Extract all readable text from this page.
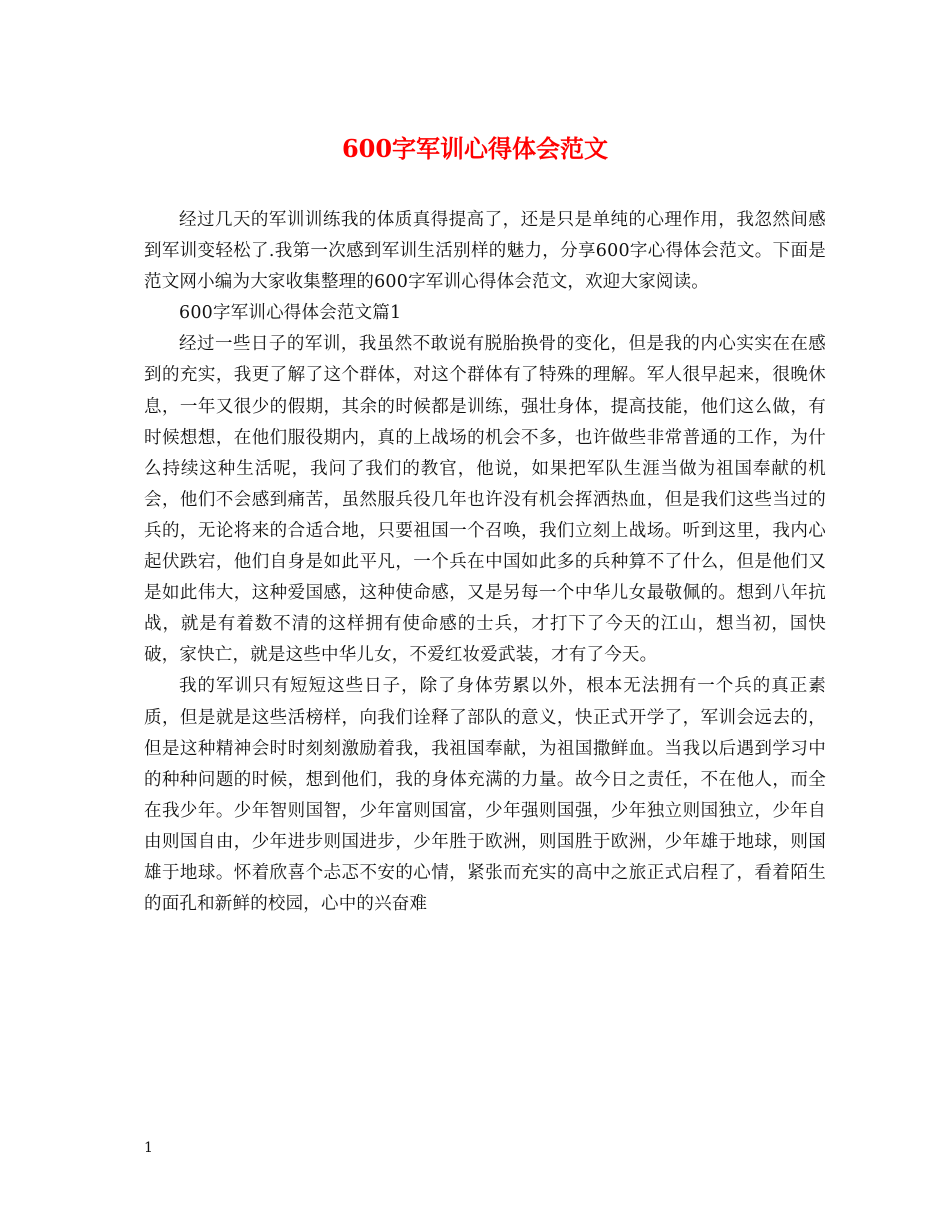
600字军训心得体会范文

经过几天的军训训练我的体质真得提高了，还是只是单纯的心理作用，我忽然间感到军训变轻松了.我第一次感到军训生活别样的魅力，分享600字心得体会范文。下面是范文网小编为大家收集整理的600字军训心得体会范文，欢迎大家阅读。

600字军训心得体会范文篇1

经过一些日子的军训，我虽然不敢说有脱胎换骨的变化，但是我的内心实实在在感到的充实，我更了解了这个群体，对这个群体有了特殊的理解。军人很早起来，很晚休息，一年又很少的假期，其余的时候都是训练，强壮身体，提高技能，他们这么做，有时候想想，在他们服役期内，真的上战场的机会不多，也许做些非常普通的工作，为什么持续这种生活呢，我问了我们的教官，他说，如果把军队生涯当做为祖国奉献的机会，他们不会感到痛苦，虽然服兵役几年也许没有机会挥洒热血，但是我们这些当过的兵的，无论将来的合适合地，只要祖国一个召唤，我们立刻上战场。听到这里，我内心起伏跌宕，他们自身是如此平凡，一个兵在中国如此多的兵种算不了什么，但是他们又是如此伟大，这种爱国感，这种使命感，又是另每一个中华儿女最敬佩的。想到八年抗战，就是有着数不清的这样拥有使命感的士兵，才打下了今天的江山，想当初，国快破，家快亡，就是这些中华儿女，不爱红妆爱武装，才有了今天。

我的军训只有短短这些日子，除了身体劳累以外，根本无法拥有一个兵的真正素质，但是就是这些活榜样，向我们诠释了部队的意义，快正式开学了，军训会远去的，但是这种精神会时时刻刻激励着我，我祖国奉献，为祖国撒鲜血。当我以后遇到学习中的种种问题的时候，想到他们，我的身体充满的力量。故今日之责任，不在他人，而全在我少年。少年智则国智，少年富则国富，少年强则国强，少年独立则国独立，少年自由则国自由，少年进步则国进步，少年胜于欧洲，则国胜于欧洲，少年雄于地球，则国雄于地球。怀着欣喜个忐忑不安的心情，紧张而充实的高中之旅正式启程了，看着陌生的面孔和新鲜的校园，心中的兴奋难

1
